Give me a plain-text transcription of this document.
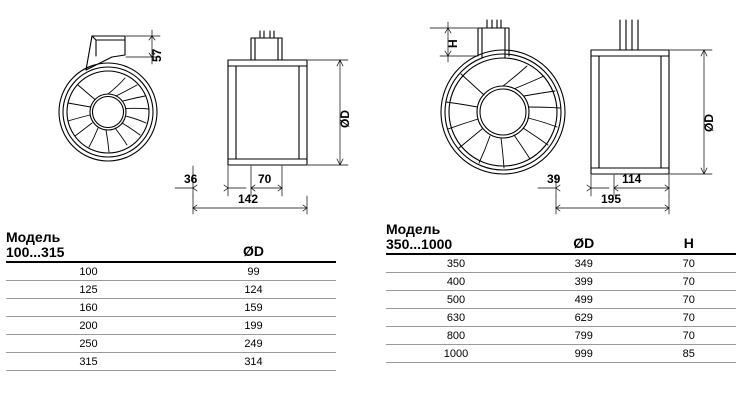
57
36	70
142
ØD
H
39	114
195
ØD
Модель
100...315	ØD
100	99
125	124
160	159
200	199
250	249
315	314
Модель
350...1000	ØD	H
350	349	70
400	399	70
500	499	70
630	629	70
800	799	70
1000	999	85
